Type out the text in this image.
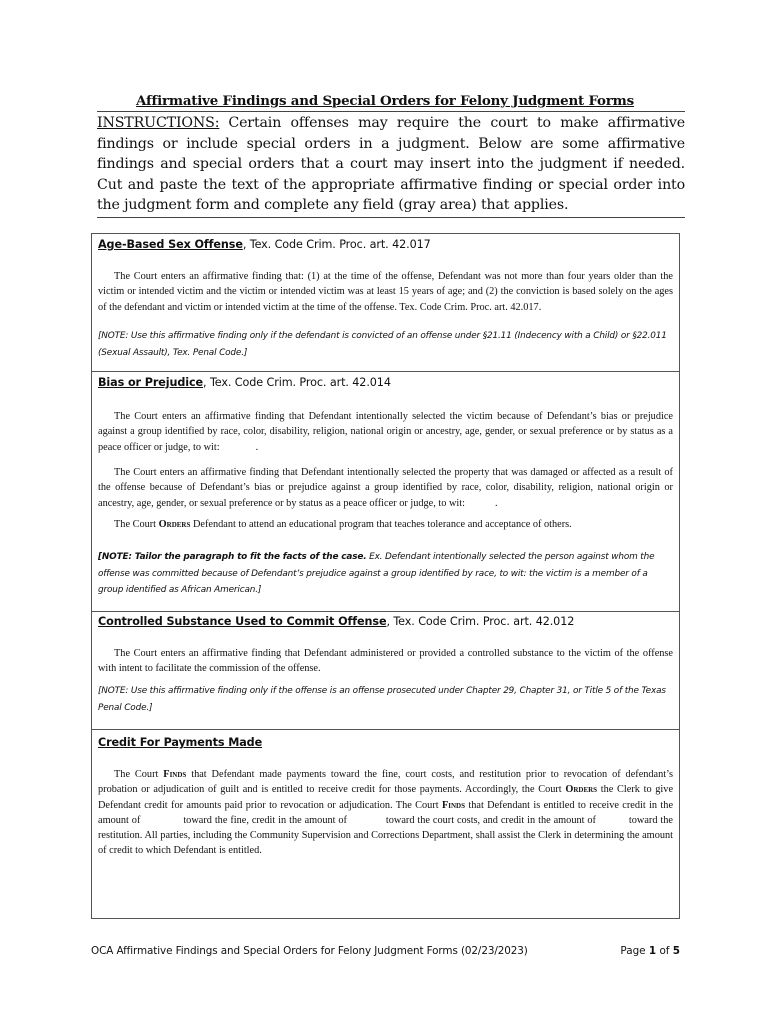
Affirmative Findings and Special Orders for Felony Judgment Forms
INSTRUCTIONS: Certain offenses may require the court to make affirmative findings or include special orders in a judgment. Below are some affirmative findings and special orders that a court may insert into the judgment if needed. Cut and paste the text of the appropriate affirmative finding or special order into the judgment form and complete any field (gray area) that applies.
Age-Based Sex Offense, Tex. Code Crim. Proc. art. 42.017
The Court enters an affirmative finding that: (1) at the time of the offense, Defendant was not more than four years older than the victim or intended victim and the victim or intended victim was at least 15 years of age; and (2) the conviction is based solely on the ages of the defendant and victim or intended victim at the time of the offense. Tex. Code Crim. Proc. art. 42.017.
[NOTE: Use this affirmative finding only if the defendant is convicted of an offense under §21.11 (Indecency with a Child) or §22.011 (Sexual Assault), Tex. Penal Code.]
Bias or Prejudice, Tex. Code Crim. Proc. art. 42.014
The Court enters an affirmative finding that Defendant intentionally selected the victim because of Defendant’s bias or prejudice against a group identified by race, color, disability, religion, national origin or ancestry, age, gender, or sexual preference or by status as a peace officer or judge, to wit:	.
The Court enters an affirmative finding that Defendant intentionally selected the property that was damaged or affected as a result of the offense because of Defendant’s bias or prejudice against a group identified by race, color, disability, religion, national origin or ancestry, age, gender, or sexual preference or by status as a peace officer or judge, to wit:	.
The Court Orders Defendant to attend an educational program that teaches tolerance and acceptance of others.
[NOTE: Tailor the paragraph to fit the facts of the case. Ex. Defendant intentionally selected the person against whom the offense was committed because of Defendant’s prejudice against a group identified by race, to wit: the victim is a member of a group identified as African American.]
Controlled Substance Used to Commit Offense, Tex. Code Crim. Proc. art. 42.012
The Court enters an affirmative finding that Defendant administered or provided a controlled substance to the victim of the offense with intent to facilitate the commission of the offense.
[NOTE: Use this affirmative finding only if the offense is an offense prosecuted under Chapter 29, Chapter 31, or Title 5 of the Texas Penal Code.]
Credit For Payments Made
The Court Finds that Defendant made payments toward the fine, court costs, and restitution prior to revocation of defendant’s probation or adjudication of guilt and is entitled to receive credit for those payments. Accordingly, the Court Orders the Clerk to give Defendant credit for amounts paid prior to revocation or adjudication. The Court Finds that Defendant is entitled to receive credit in the amount of	toward the fine, credit in the amount of	toward the court costs, and credit in the amount of	toward the restitution. All parties, including the Community Supervision and Corrections Department, shall assist the Clerk in determining the amount of credit to which Defendant is entitled.
OCA Affirmative Findings and Special Orders for Felony Judgment Forms (02/23/2023)	Page 1 of 5
